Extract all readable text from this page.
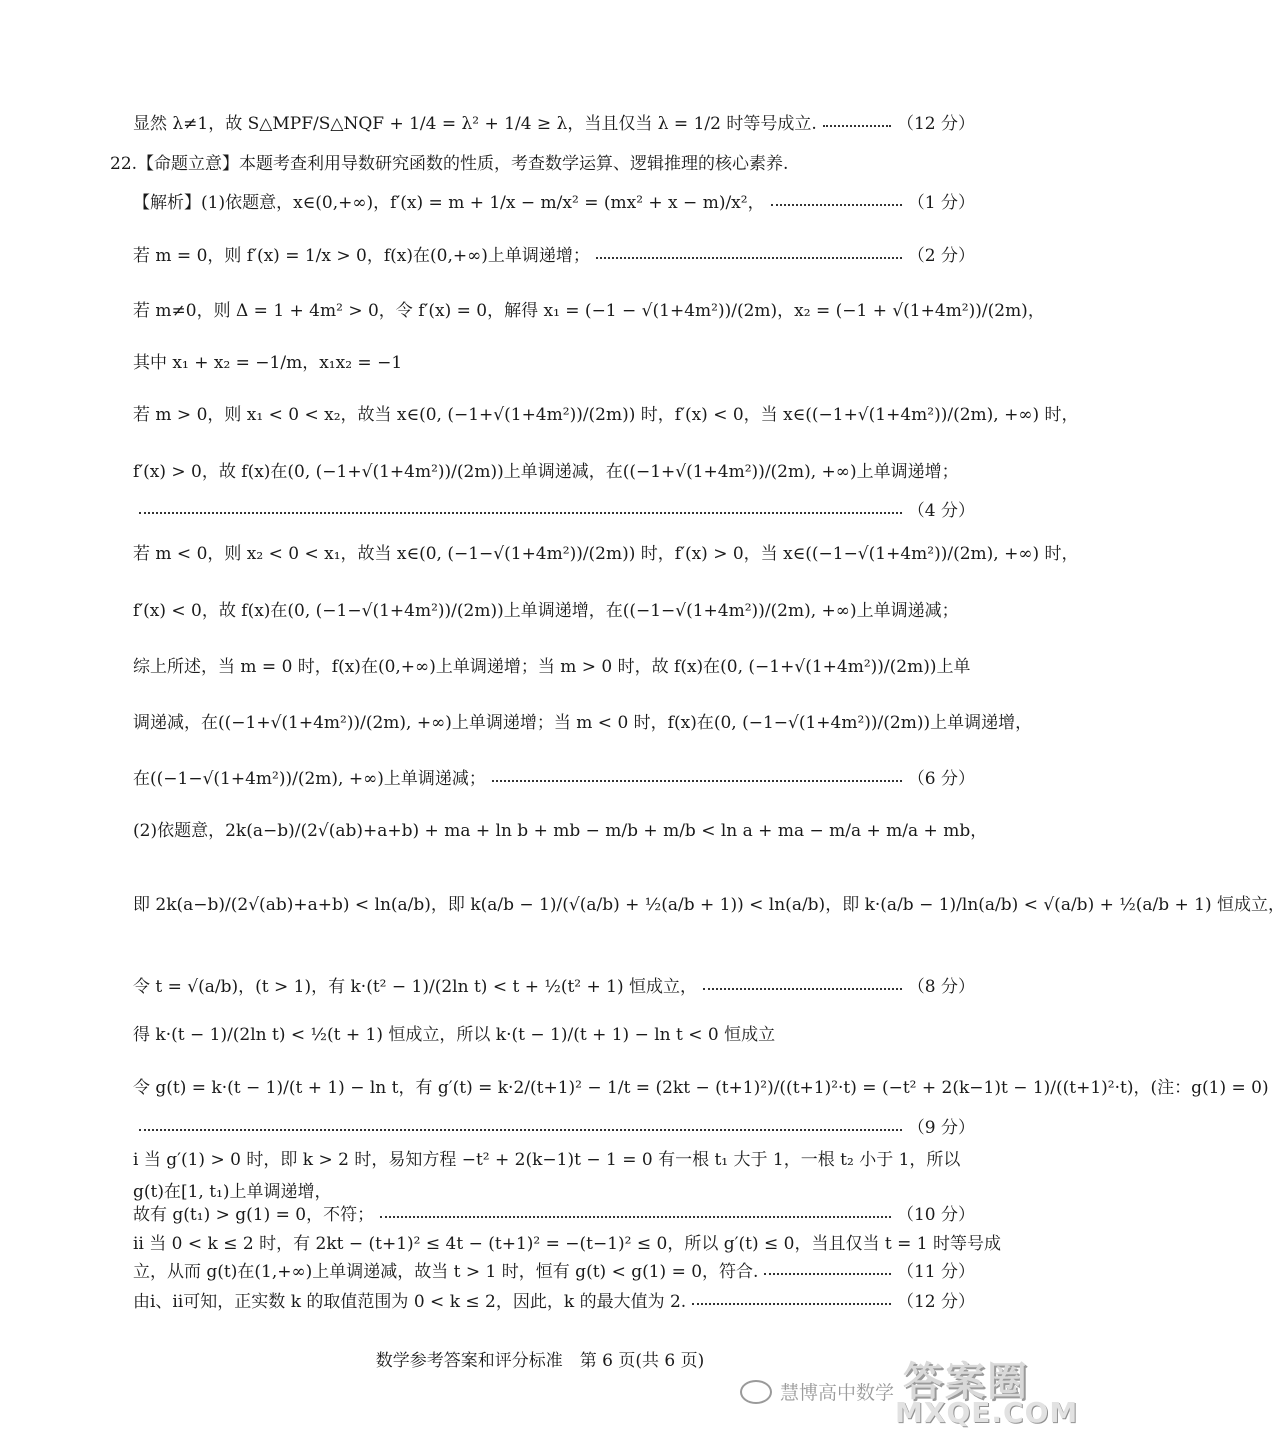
显然 λ≠1，故 S△MPF/S△NQF + 1/4 = λ² + 1/4 ≥ λ，当且仅当 λ = 1/2 时等号成立.	（12 分）
22.【命题立意】本题考查利用导数研究函数的性质，考查数学运算、逻辑推理的核心素养.
【解析】(1)依题意，x∈(0,+∞)，f′(x) = m + 1/x − m/x² = (mx² + x − m)/x²，	（1 分）
若 m = 0，则 f′(x) = 1/x > 0，f(x)在(0,+∞)上单调递增；	（2 分）
若 m≠0，则 Δ = 1 + 4m² > 0，令 f′(x) = 0，解得 x₁ = (−1 − √(1+4m²))/(2m)，x₂ = (−1 + √(1+4m²))/(2m)，
其中 x₁ + x₂ = −1/m，x₁x₂ = −1
若 m > 0，则 x₁ < 0 < x₂，故当 x∈(0, (−1+√(1+4m²))/(2m)) 时，f′(x) < 0，当 x∈((−1+√(1+4m²))/(2m), +∞) 时，
f′(x) > 0，故 f(x)在(0, (−1+√(1+4m²))/(2m))上单调递减，在((−1+√(1+4m²))/(2m), +∞)上单调递增；
（4 分）
若 m < 0，则 x₂ < 0 < x₁，故当 x∈(0, (−1−√(1+4m²))/(2m)) 时，f′(x) > 0，当 x∈((−1−√(1+4m²))/(2m), +∞) 时，
f′(x) < 0，故 f(x)在(0, (−1−√(1+4m²))/(2m))上单调递增，在((−1−√(1+4m²))/(2m), +∞)上单调递减；
综上所述，当 m = 0 时，f(x)在(0,+∞)上单调递增；当 m > 0 时，故 f(x)在(0, (−1+√(1+4m²))/(2m))上单
调递减，在((−1+√(1+4m²))/(2m), +∞)上单调递增；当 m < 0 时，f(x)在(0, (−1−√(1+4m²))/(2m))上单调递增，
在((−1−√(1+4m²))/(2m), +∞)上单调递减；	（6 分）
(2)依题意，2k(a−b)/(2√(ab)+a+b) + ma + ln b + mb − m/b + m/b < ln a + ma − m/a + m/a + mb，
即 2k(a−b)/(2√(ab)+a+b) < ln(a/b)，即 k(a/b − 1)/(√(a/b) + ½(a/b + 1)) < ln(a/b)，即 k·(a/b − 1)/ln(a/b) < √(a/b) + ½(a/b + 1) 恒成立，
令 t = √(a/b)，(t > 1)，有 k·(t² − 1)/(2ln t) < t + ½(t² + 1) 恒成立，	（8 分）
得 k·(t − 1)/(2ln t) < ½(t + 1) 恒成立，所以 k·(t − 1)/(t + 1) − ln t < 0 恒成立
令 g(t) = k·(t − 1)/(t + 1) − ln t，有 g′(t) = k·2/(t+1)² − 1/t = (2kt − (t+1)²)/((t+1)²·t) = (−t² + 2(k−1)t − 1)/((t+1)²·t)，(注：g(1) = 0)
（9 分）
ⅰ 当 g′(1) > 0 时，即 k > 2 时，易知方程 −t² + 2(k−1)t − 1 = 0 有一根 t₁ 大于 1，一根 t₂ 小于 1，所以
g(t)在[1, t₁)上单调递增，
故有 g(t₁) > g(1) = 0，不符；	（10 分）
ⅱ 当 0 < k ≤ 2 时，有 2kt − (t+1)² ≤ 4t − (t+1)² = −(t−1)² ≤ 0，所以 g′(t) ≤ 0，当且仅当 t = 1 时等号成
立，从而 g(t)在(1,+∞)上单调递减，故当 t > 1 时，恒有 g(t) < g(1) = 0，符合.	（11 分）
由ⅰ、ⅱ可知，正实数 k 的取值范围为 0 < k ≤ 2，因此，k 的最大值为 2.	（12 分）
数学参考答案和评分标准　第 6 页(共 6 页)
慧博高中数学 答案圈
MXQE.COM
